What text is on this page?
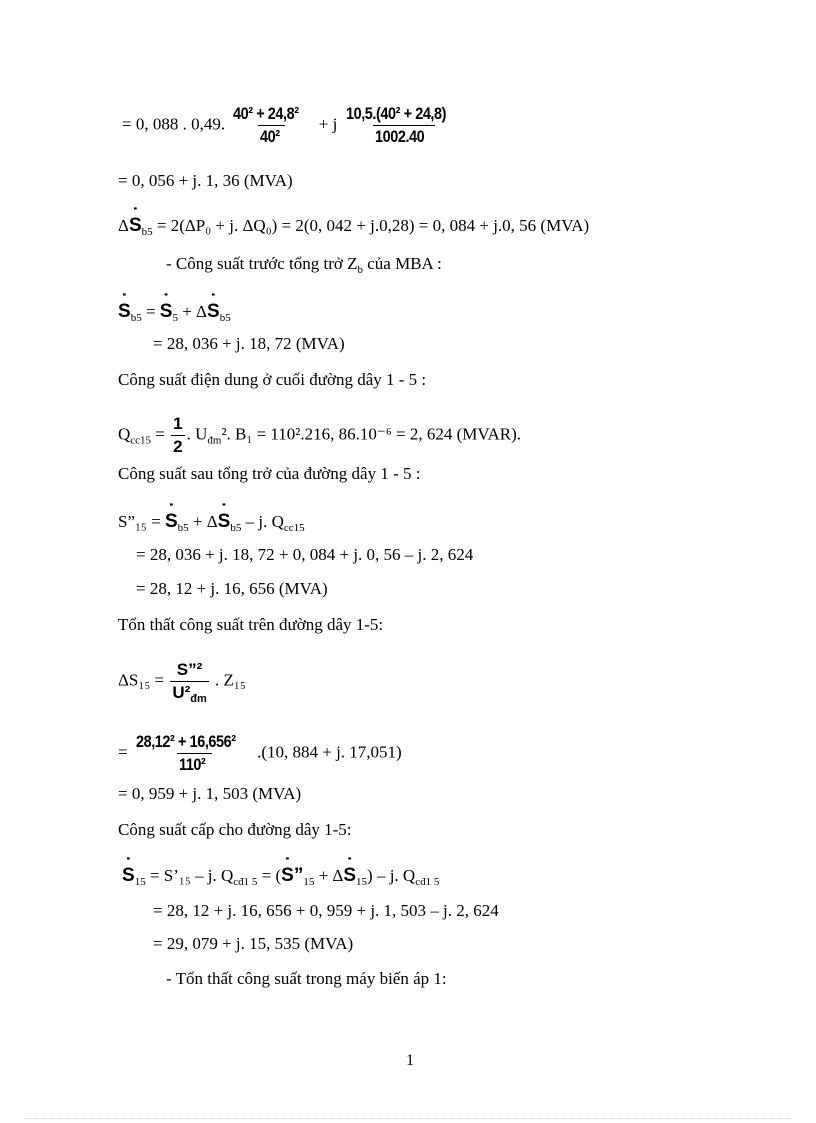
= 0, 088 . 0,49. $\frac{\text{40² + 24,8²}}{\text{40²}} + j \frac{\text{10,5.(40² + 24,8)}}{1002.40}$
= 0, 056 + j. 1, 36 (MVA)
Δ˙ $S_{b5} = 2(\Delta P_0 + j$. ΔQ₀) = 2(0, 042 + j.0,28) = 0, 084 + j.0, 56 (MVA)
- Công suất trước tổng trở $Z_b$ của MBA :
˙ $S_{b5}$ = ˙ $S_5$ + Δ˙ $S_{b5}$
= 28, 036 + j. 18, 72 (MVA)
Công suất điện dung ở cuối đường dây 1 - 5 :
$Q_{cc15} = \frac{1}{2}$ . $U_{đm}^2$. B₁ = 110².216, 86.10⁻⁶ = 2, 624 (MVAR).
Công suất sau tổng trở của đường dây 1 - 5 :
S”₁₅ = ˙ $S_{b5}$ + Δ˙ $S_{b5}$ – j. $Q_{cc15}$
= 28, 036 + j. 18, 72 + 0, 084 + j. 0, 56 – j. 2, 624
= 28, 12 + j. 16, 656 (MVA)
Tổn thất công suất trên đường dây 1-5:
$\Delta S_{15} = \frac{\text{S”²}}{U^2_{đm}}$ . Z₁₅
= $\frac{\text{28,12² + 16,656²}}{\text{110²}} .(10$, 884 + j. 17,051)
= 0, 959 + j. 1, 503 (MVA)
Công suất cấp cho đường dây 1-5:
˙ $S_{15}$ = S’₁₅ – j. $Q_{cđ1 5}$ = (˙ $S”_{15}$ + Δ˙ $S_{15}$) – j. $Q_{cđ1 5}$
= 28, 12 + j. 16, 656 + 0, 959 + j. 1, 503 – j. 2, 624
= 29, 079 + j. 15, 535 (MVA)
- Tổn thất công suất trong máy biến áp 1:
1
